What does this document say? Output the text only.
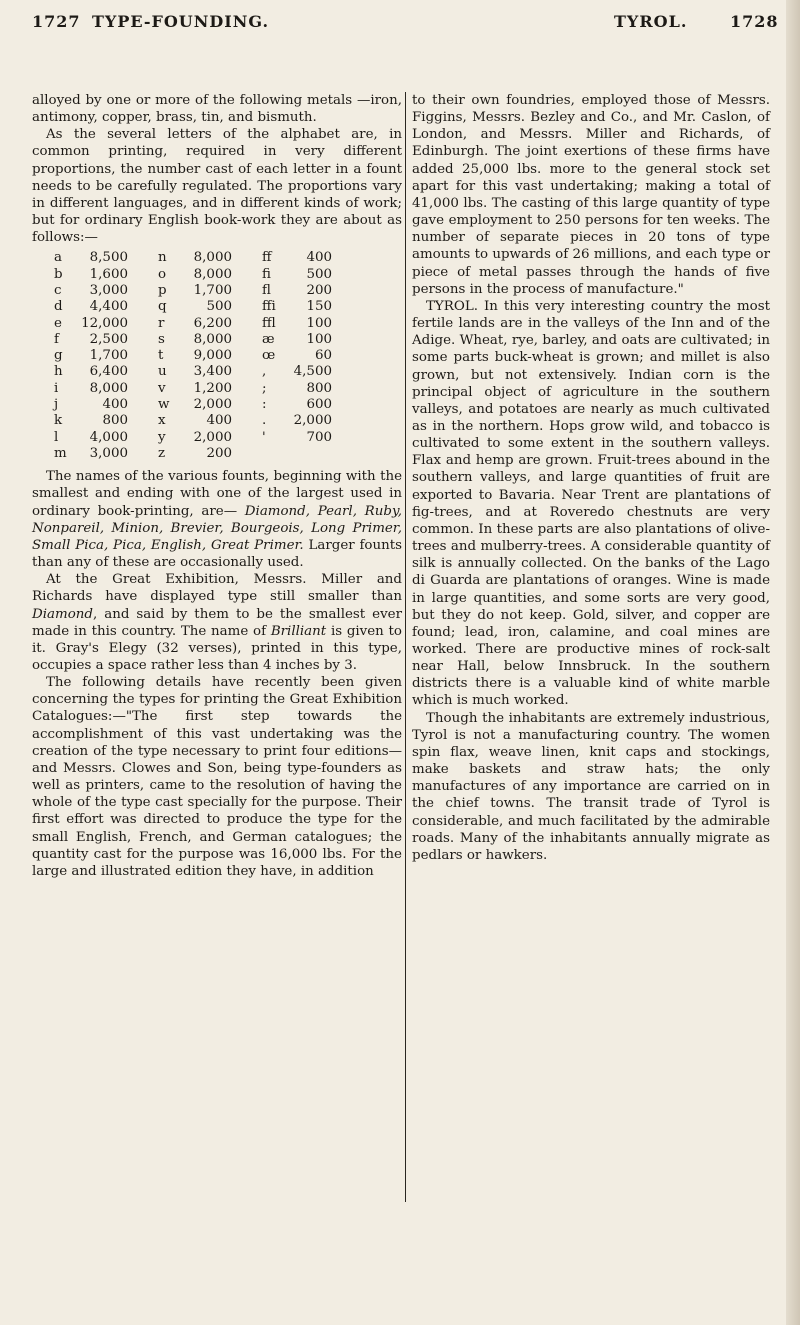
1727 TYPE-FOUNDING.	TYROL.	1728

alloyed by one or more of the following metals —iron, antimony, copper, brass, tin, and bismuth.

As the several letters of the alphabet are, in common printing, required in very different proportions, the number cast of each letter in a fount needs to be carefully regulated. The proportions vary in different languages, and in different kinds of work; but for ordinary English book-work they are about as follows:—

a	8,500	n	8,000	ff	400
b	1,600	o	8,000	fi	500
c	3,000	p	1,700	fl	200
d	4,400	q	500	ffi	150
e	12,000	r	6,200	ffl	100
f	2,500	s	8,000	æ	100
g	1,700	t	9,000	œ	60
h	6,400	u	3,400	,	4,500
i	8,000	v	1,200	;	800
j	400	w	2,000	:	600
k	800	x	400	.	2,000
l	4,000	y	2,000	'	700
m	3,000	z	200		

The names of the various founts, beginning with the smallest and ending with one of the largest used in ordinary book-printing, are— Diamond, Pearl, Ruby, Nonpareil, Minion, Brevier, Bourgeois, Long Primer, Small Pica, Pica, English, Great Primer. Larger founts than any of these are occasionally used.

At the Great Exhibition, Messrs. Miller and Richards have displayed type still smaller than Diamond, and said by them to be the smallest ever made in this country. The name of Brilliant is given to it. Gray's Elegy (32 verses), printed in this type, occupies a space rather less than 4 inches by 3.

The following details have recently been given concerning the types for printing the Great Exhibition Catalogues:—"The first step towards the accomplishment of this vast undertaking was the creation of the type necessary to print four editions—and Messrs. Clowes and Son, being type-founders as well as printers, came to the resolution of having the whole of the type cast specially for the purpose. Their first effort was directed to produce the type for the small English, French, and German catalogues; the quantity cast for the purpose was 16,000 lbs. For the large and illustrated edition they have, in addition

to their own foundries, employed those of Messrs. Figgins, Messrs. Bezley and Co., and Mr. Caslon, of London, and Messrs. Miller and Richards, of Edinburgh. The joint exertions of these firms have added 25,000 lbs. more to the general stock set apart for this vast undertaking; making a total of 41,000 lbs. The casting of this large quantity of type gave employment to 250 persons for ten weeks. The number of separate pieces in 20 tons of type amounts to upwards of 26 millions, and each type or piece of metal passes through the hands of five persons in the process of manufacture."

TYROL. In this very interesting country the most fertile lands are in the valleys of the Inn and of the Adige. Wheat, rye, barley, and oats are cultivated; in some parts buck-wheat is grown; and millet is also grown, but not extensively. Indian corn is the principal object of agriculture in the southern valleys, and potatoes are nearly as much cultivated as in the northern. Hops grow wild, and tobacco is cultivated to some extent in the southern valleys. Flax and hemp are grown. Fruit-trees abound in the southern valleys, and large quantities of fruit are exported to Bavaria. Near Trent are plantations of fig-trees, and at Roveredo chestnuts are very common. In these parts are also plantations of olive-trees and mulberry-trees. A considerable quantity of silk is annually collected. On the banks of the Lago di Guarda are plantations of oranges. Wine is made in large quantities, and some sorts are very good, but they do not keep. Gold, silver, and copper are found; lead, iron, calamine, and coal mines are worked. There are productive mines of rock-salt near Hall, below Innsbruck. In the southern districts there is a valuable kind of white marble which is much worked.

Though the inhabitants are extremely industrious, Tyrol is not a manufacturing country. The women spin flax, weave linen, knit caps and stockings, make baskets and straw hats; the only manufactures of any importance are carried on in the chief towns. The transit trade of Tyrol is considerable, and much facilitated by the admirable roads. Many of the inhabitants annually migrate as pedlars or hawkers.
